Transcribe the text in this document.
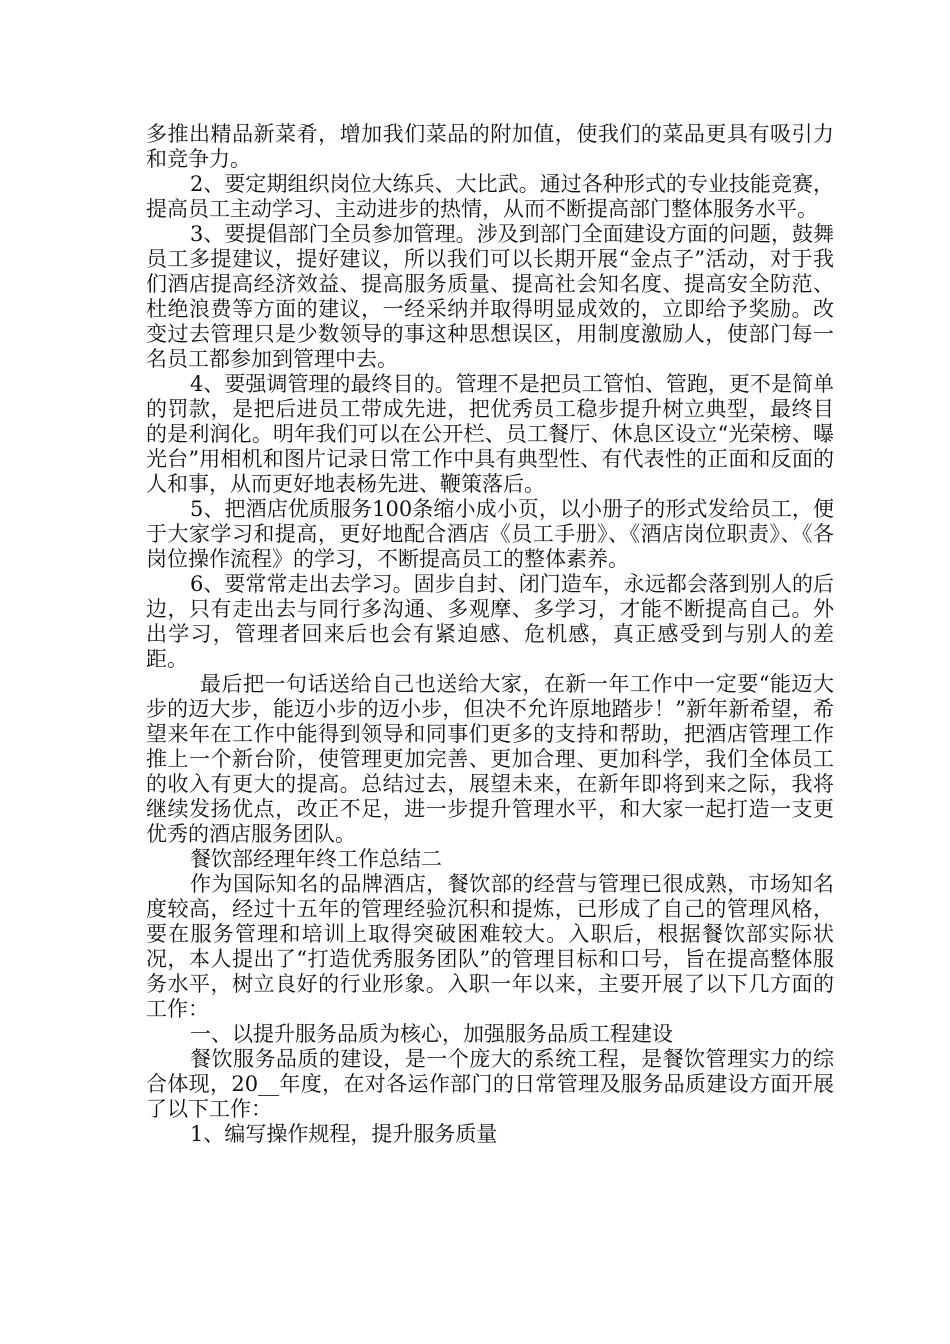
多推出精品新菜肴，增加我们菜品的附加值，使我们的菜品更具有吸引力和竞争力。

2、要定期组织岗位大练兵、大比武。通过各种形式的专业技能竞赛，提高员工主动学习、主动进步的热情，从而不断提高部门整体服务水平。

3、要提倡部门全员参加管理。涉及到部门全面建设方面的问题，鼓舞员工多提建议，提好建议，所以我们可以长期开展“金点子”活动，对于我们酒店提高经济效益、提高服务质量、提高社会知名度、提高安全防范、杜绝浪费等方面的建议，一经采纳并取得明显成效的，立即给予奖励。改变过去管理只是少数领导的事这种思想误区，用制度激励人，使部门每一名员工都参加到管理中去。

4、要强调管理的最终目的。管理不是把员工管怕、管跑，更不是简单的罚款，是把后进员工带成先进，把优秀员工稳步提升树立典型，最终目的是利润化。明年我们可以在公开栏、员工餐厅、休息区设立“光荣榜、曝光台”用相机和图片记录日常工作中具有典型性、有代表性的正面和反面的人和事，从而更好地表杨先进、鞭策落后。

5、把酒店优质服务100条缩小成小页，以小册子的形式发给员工，便于大家学习和提高，更好地配合酒店《员工手册》、《酒店岗位职责》、《各岗位操作流程》的学习，不断提高员工的整体素养。

6、要常常走出去学习。固步自封、闭门造车，永远都会落到别人的后边，只有走出去与同行多沟通、多观摩、多学习，才能不断提高自己。外出学习，管理者回来后也会有紧迫感、危机感，真正感受到与别人的差距。

最后把一句话送给自己也送给大家，在新一年工作中一定要“能迈大步的迈大步，能迈小步的迈小步，但决不允许原地踏步！”新年新希望，希望来年在工作中能得到领导和同事们更多的支持和帮助，把酒店管理工作推上一个新台阶，使管理更加完善、更加合理、更加科学，我们全体员工的收入有更大的提高。总结过去，展望未来，在新年即将到来之际，我将继续发扬优点，改正不足，进一步提升管理水平，和大家一起打造一支更优秀的酒店服务团队。

餐饮部经理年终工作总结二

作为国际知名的品牌酒店，餐饮部的经营与管理已很成熟，市场知名度较高，经过十五年的管理经验沉积和提炼，已形成了自己的管理风格，要在服务管理和培训上取得突破困难较大。入职后，根据餐饮部实际状况，本人提出了“打造优秀服务团队”的管理目标和口号，旨在提高整体服务水平，树立良好的行业形象。入职一年以来，主要开展了以下几方面的工作：

一、以提升服务品质为核心，加强服务品质工程建设

餐饮服务品质的建设，是一个庞大的系统工程，是餐饮管理实力的综合体现，20__年度，在对各运作部门的日常管理及服务品质建设方面开展了以下工作：

1、编写操作规程，提升服务质量
